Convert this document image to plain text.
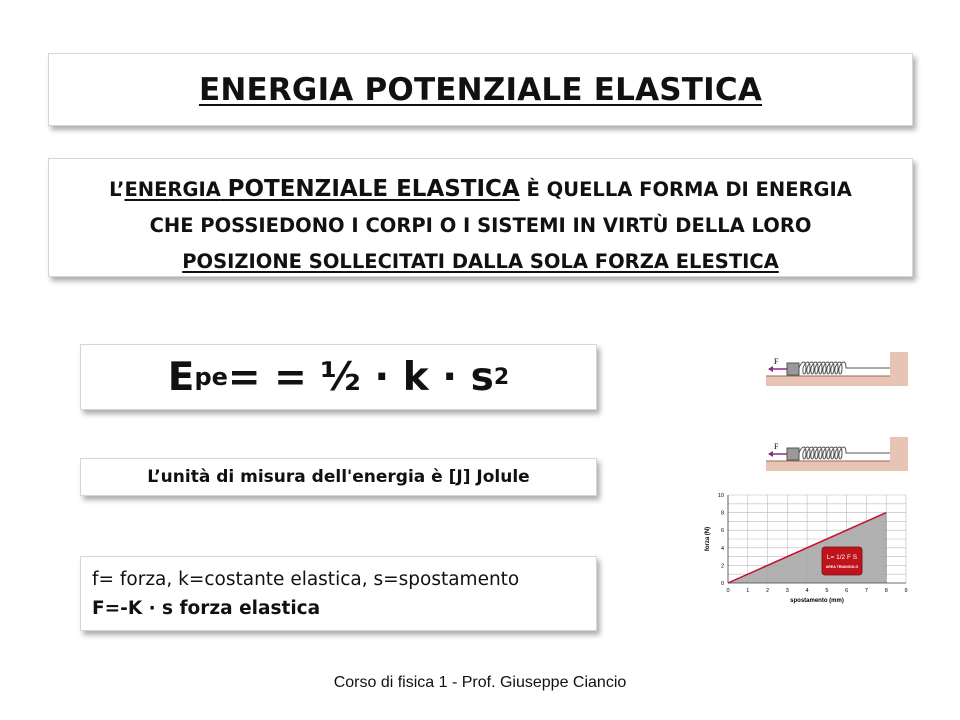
ENERGIA POTENZIALE ELASTICA
L’ENERGIA POTENZIALE ELASTICA È QUELLA FORMA DI ENERGIA
CHE POSSIEDONO I CORPI O I SISTEMI IN VIRTÙ DELLA LORO
POSIZIONE SOLLECITATI DALLA SOLA FORZA ELESTICA
E pe = = ½ · k · s 2
L’unità di misura dell'energia è [J] Jolule
f= forza, k=costante elastica, s=spostamento
F=-K · s forza elastica
F
F
0	1	2	3	4	5	6	7	8	9
0
2
4
6
8
10
spostamento (mm)
forza (N)
L= 1/2 F S
AREA TRIANGOLO
Corso di fisica 1 - Prof. Giuseppe Ciancio
